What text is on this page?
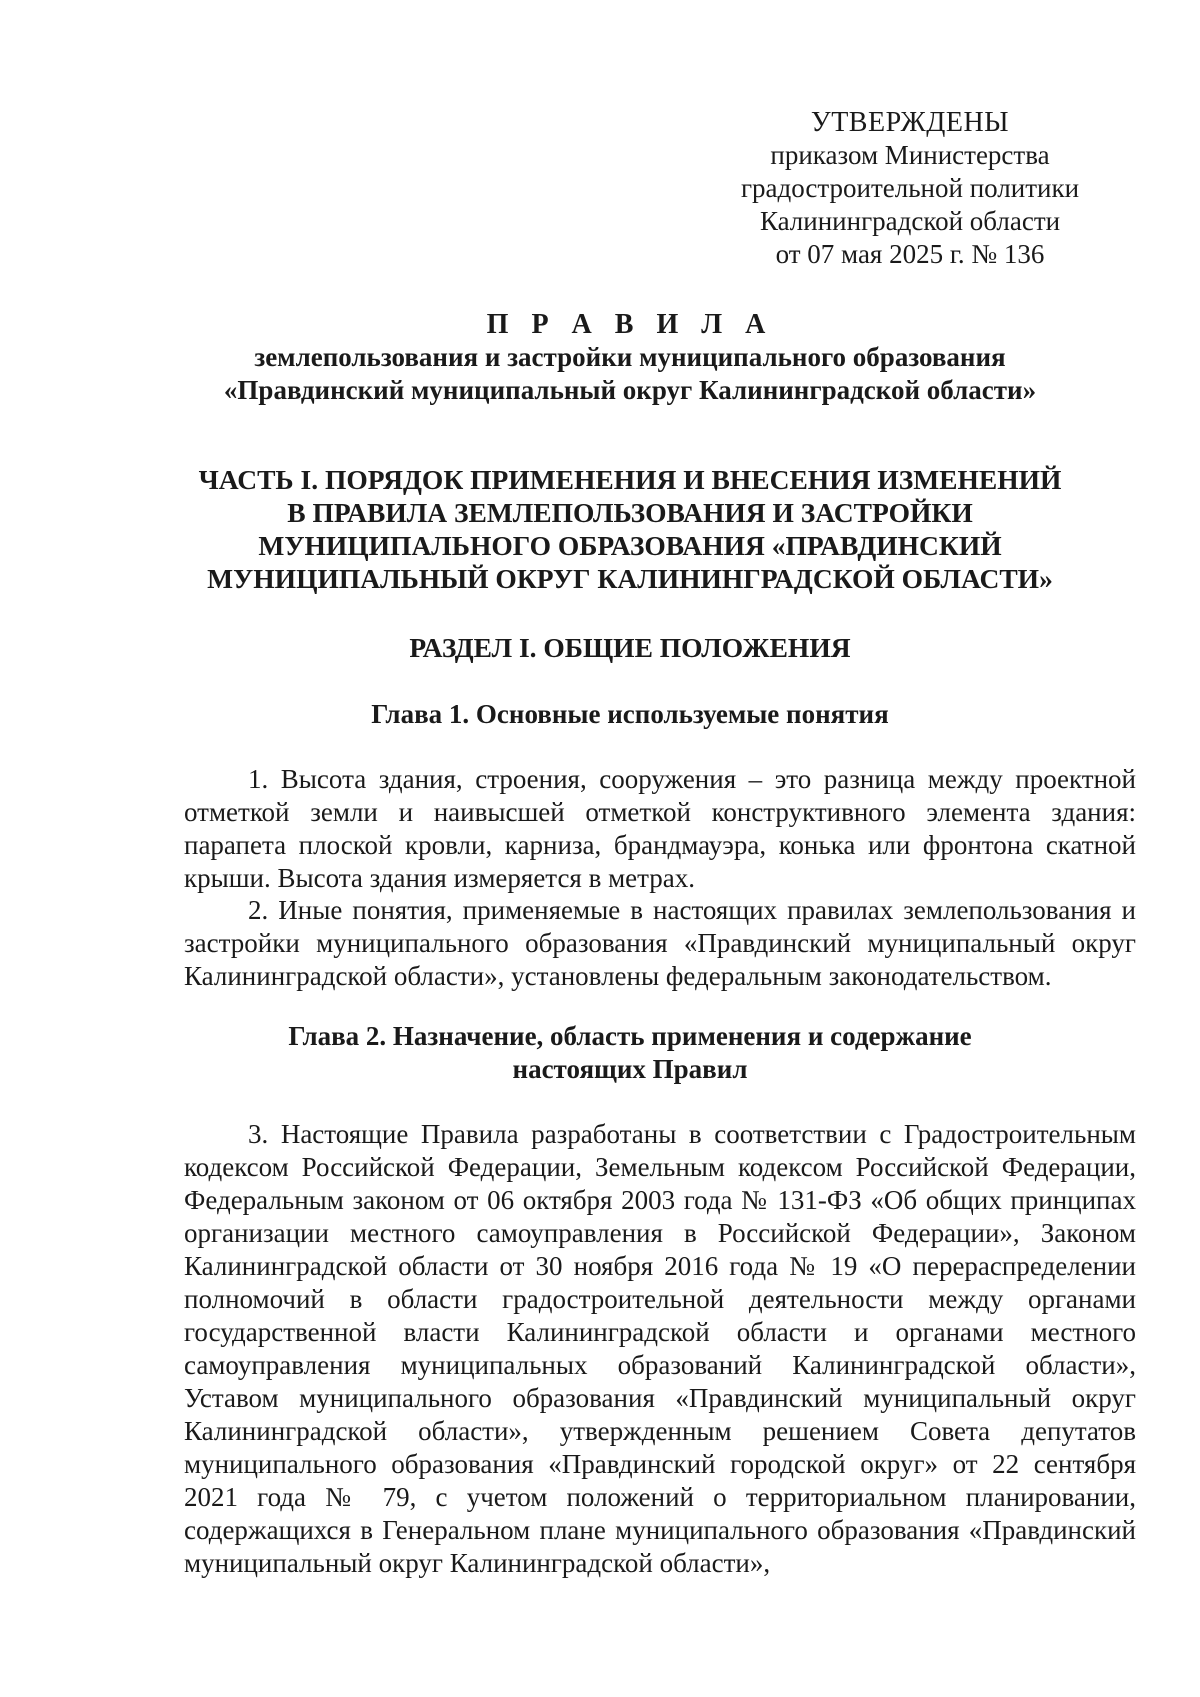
УТВЕРЖДЕНЫ
приказом Министерства
градостроительной политики
Калининградской области
от 07 мая 2025 г. № 136
П Р А В И Л А
землепользования и застройки муниципального образования
«Правдинский муниципальный округ Калининградской области»
ЧАСТЬ I. ПОРЯДОК ПРИМЕНЕНИЯ И ВНЕСЕНИЯ ИЗМЕНЕНИЙ
В ПРАВИЛА ЗЕМЛЕПОЛЬЗОВАНИЯ И ЗАСТРОЙКИ
МУНИЦИПАЛЬНОГО ОБРАЗОВАНИЯ «ПРАВДИНСКИЙ
МУНИЦИПАЛЬНЫЙ ОКРУГ КАЛИНИНГРАДСКОЙ ОБЛАСТИ»
РАЗДЕЛ I. ОБЩИЕ ПОЛОЖЕНИЯ
Глава 1. Основные используемые понятия

1. Высота здания, строения, сооружения – это разница между проектной отметкой земли и наивысшей отметкой конструктивного элемента здания: парапета плоской кровли, карниза, брандмауэра, конька или фронтона скатной крыши. Высота здания измеряется в метрах.

2. Иные понятия, применяемые в настоящих правилах землепользования и застройки муниципального образования «Правдинский муниципальный округ Калининградской области», установлены федеральным законодательством.

Глава 2. Назначение, область применения и содержание
настоящих Правил

3. Настоящие Правила разработаны в соответствии с Градостроительным кодексом Российской Федерации, Земельным кодексом Российской Федерации, Федеральным законом от 06 октября 2003 года № 131-ФЗ «Об общих принципах организации местного самоуправления в Российской Федерации», Законом Калининградской области от 30 ноября 2016 года № 19 «О перераспределении полномочий в области градостроительной деятельности между органами государственной власти Калининградской области и органами местного самоуправления муниципальных образований Калининградской области», Уставом муниципального образования «Правдинский муниципальный округ Калининградской области», утвержденным решением Совета депутатов муниципального образования «Правдинский городской округ» от 22 сентября 2021 года № 79, с учетом положений о территориальном планировании, содержащихся в Генеральном плане муниципального образования «Правдинский муниципальный округ Калининградской области»,
